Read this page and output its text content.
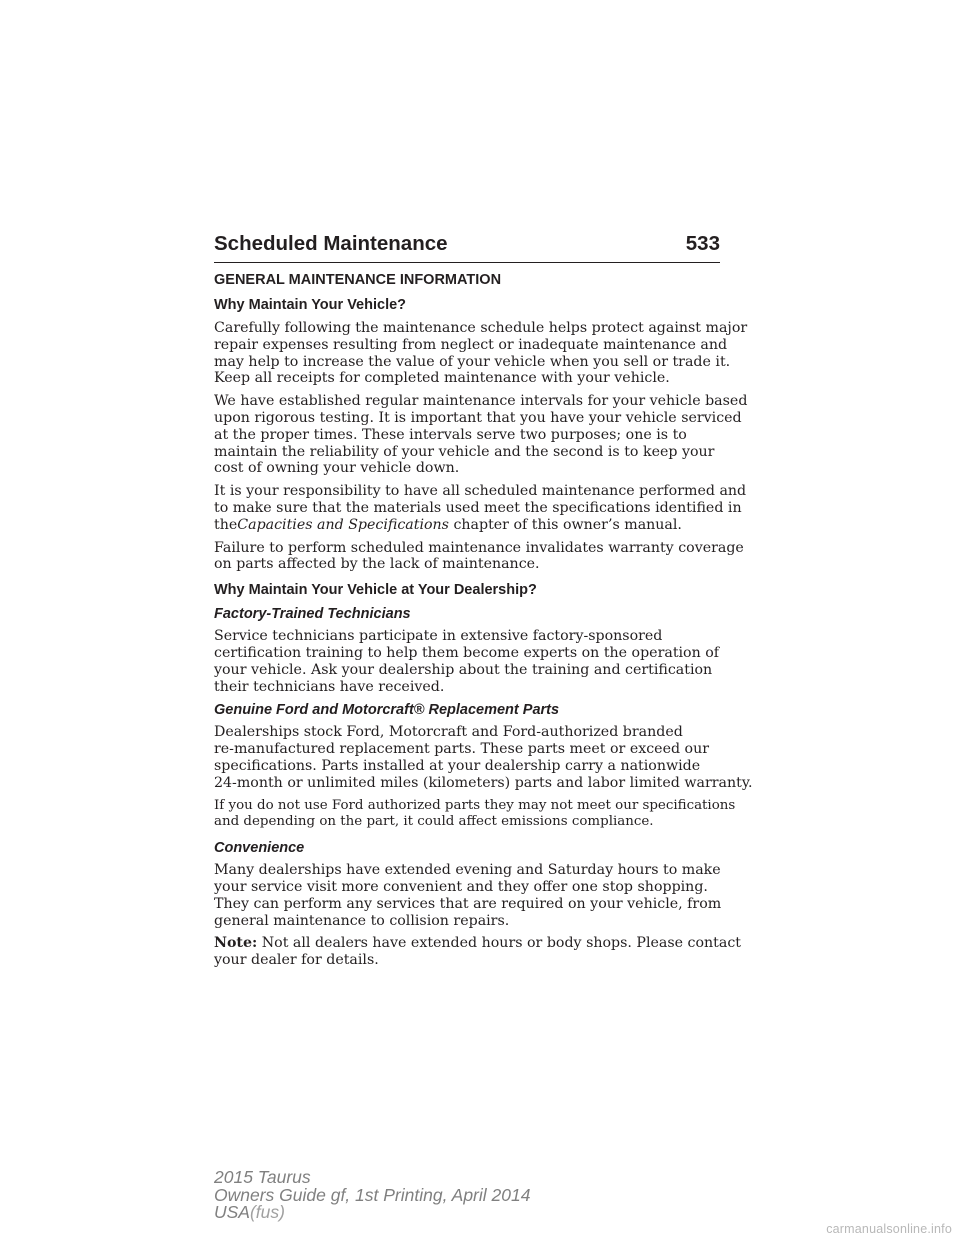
Scheduled Maintenance	533
GENERAL MAINTENANCE INFORMATION
Why Maintain Your Vehicle?

Carefully following the maintenance schedule helps protect against major
repair expenses resulting from neglect or inadequate maintenance and
may help to increase the value of your vehicle when you sell or trade it.
Keep all receipts for completed maintenance with your vehicle.

We have established regular maintenance intervals for your vehicle based
upon rigorous testing. It is important that you have your vehicle serviced
at the proper times. These intervals serve two purposes; one is to
maintain the reliability of your vehicle and the second is to keep your
cost of owning your vehicle down.

It is your responsibility to have all scheduled maintenance performed and
to make sure that the materials used meet the specifications identified in
theCapacities and Specifications chapter of this owner’s manual.

Failure to perform scheduled maintenance invalidates warranty coverage
on parts affected by the lack of maintenance.

Why Maintain Your Vehicle at Your Dealership?
Factory-Trained Technicians

Service technicians participate in extensive factory-sponsored
certification training to help them become experts on the operation of
your vehicle. Ask your dealership about the training and certification
their technicians have received.

Genuine Ford and Motorcraft® Replacement Parts

Dealerships stock Ford, Motorcraft and Ford-authorized branded
re-manufactured replacement parts. These parts meet or exceed our
specifications. Parts installed at your dealership carry a nationwide
24-month or unlimited miles (kilometers) parts and labor limited warranty.

If you do not use Ford authorized parts they may not meet our specifications
and depending on the part, it could affect emissions compliance.

Convenience

Many dealerships have extended evening and Saturday hours to make
your service visit more convenient and they offer one stop shopping.
They can perform any services that are required on your vehicle, from
general maintenance to collision repairs.

Note: Not all dealers have extended hours or body shops. Please contact
your dealer for details.

2015 Taurus
Owners Guide gf, 1st Printing, April 2014
USA(fus)
carmanualsonline.info
